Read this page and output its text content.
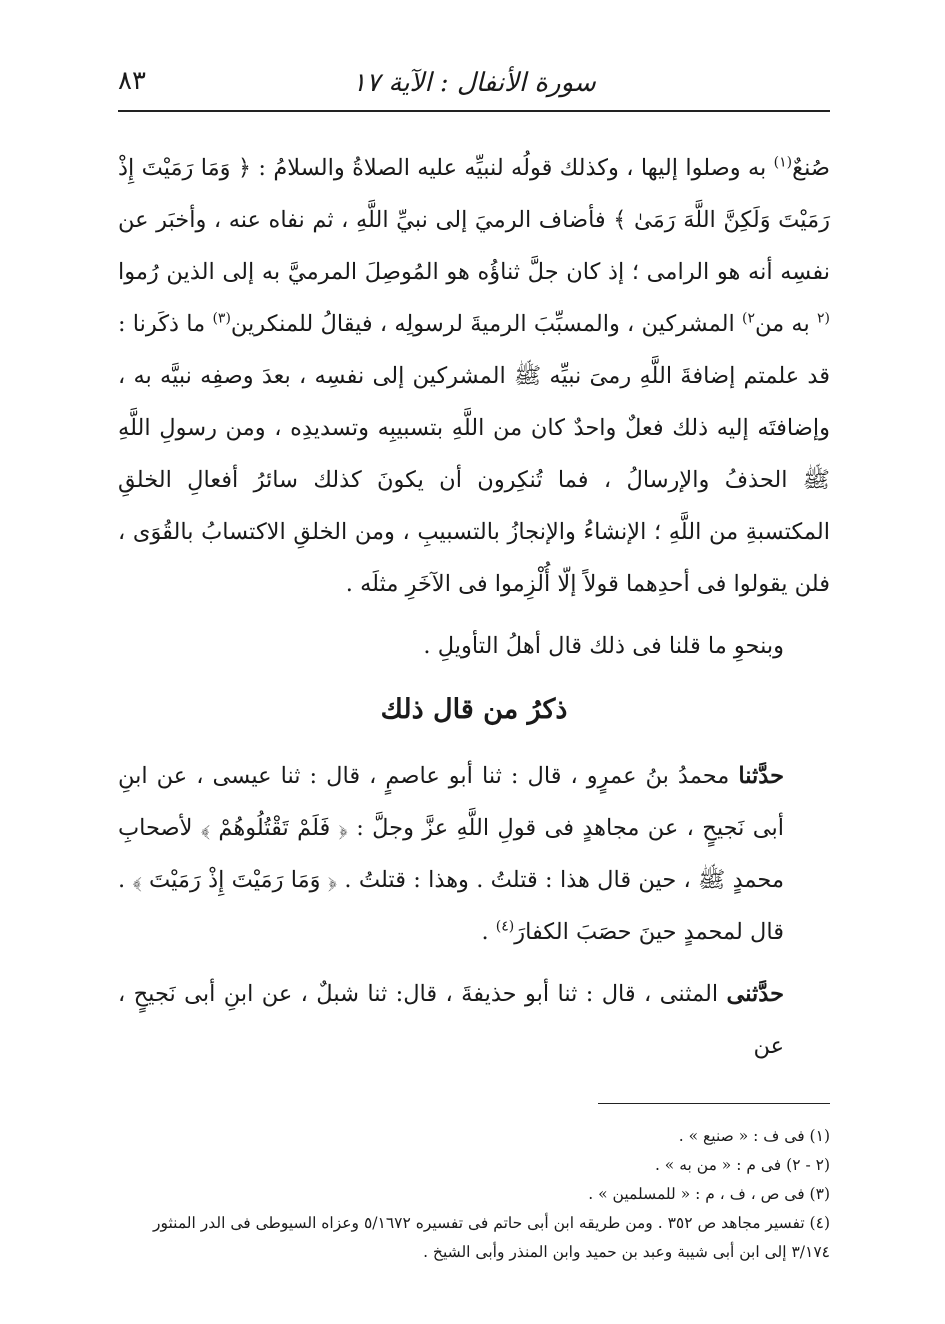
سورة الأنفال : الآية ١٧
٨٣

صُنعٌ$^{(١)}$ به وصلوا إليها ، وكذلك قولُه لنبيِّه عليه الصلاةُ والسلامُ : ﴿ وَمَا رَمَيْتَ إِذْ رَمَيْتَ وَلَكِنَّ اللَّهَ رَمَىٰ ﴾ فأضاف الرميَ إلى نبيِّ اللَّهِ ، ثم نفاه عنه ، وأخبَر عن نفسِه أنه هو الرامى ؛ إذ كان جلَّ ثناؤُه هو المُوصِلَ المرميَّ به إلى الذين رُموا $^{(٢}$ به من$^{٢)}$ المشركين ، والمسبِّبَ الرميةَ لرسولِه ، فيقالُ للمنكرين$^{(٣)}$ ما ذكَرنا : قد علمتم إضافةَ اللَّهِ رمىَ نبيِّه ﷺ المشركين إلى نفسِه ، بعدَ وصفِه نبيَّه به ، وإضافتَه إليه ذلك فعلٌ واحدٌ كان من اللَّهِ بتسبيبِه وتسديدِه ، ومن رسولِ اللَّهِ ﷺ الحذفُ والإرسالُ ، فما تُنكِرون أن يكونَ كذلك سائرُ أفعالِ الخلقِ المكتسبةِ من اللَّهِ ؛ الإنشاءُ والإنجازُ بالتسبيبِ ، ومن الخلقِ الاكتسابُ بالقُوَى ، فلن يقولوا فى أحدِهما قولاً إلّا أُلْزِموا فى الآخَرِ مثلَه .

وبنحوِ ما قلنا فى ذلك قال أهلُ التأويلِ .

ذكرُ من قال ذلك

حدَّثنا محمدُ بنُ عمرٍو ، قال : ثنا أبو عاصمٍ ، قال : ثنا عيسى ، عن ابنِ أبى نَجيحٍ ، عن مجاهدٍ فى قولِ اللَّهِ عزَّ وجلَّ : ﴿ فَلَمْ تَقْتُلُوهُمْ ﴾ لأصحابِ محمدٍ ﷺ ، حين قال هذا : قتلتُ . وهذا : قتلتُ . ﴿ وَمَا رَمَيْتَ إِذْ رَمَيْتَ ﴾ . قال لمحمدٍ حينَ حصَبَ الكفارَ$^{(٤)}$ .

حدَّثنى المثنى ، قال : ثنا أبو حذيفةَ ، قال: ثنا شبلٌ ، عن ابنِ أبى نَجيحٍ ، عن

(١) فى ف : « صنيع » .
(٢ - ٢) فى م : « من به » .
(٣) فى ص ، ف ، م : « للمسلمين » .
(٤) تفسير مجاهد ص ٣٥٢ . ومن طريقه ابن أبى حاتم فى تفسيره ٥/١٦٧٢ وعزاه السيوطى فى الدر المنثور
٣/١٧٤ إلى ابن أبى شيبة وعبد بن حميد وابن المنذر وأبى الشيخ .
